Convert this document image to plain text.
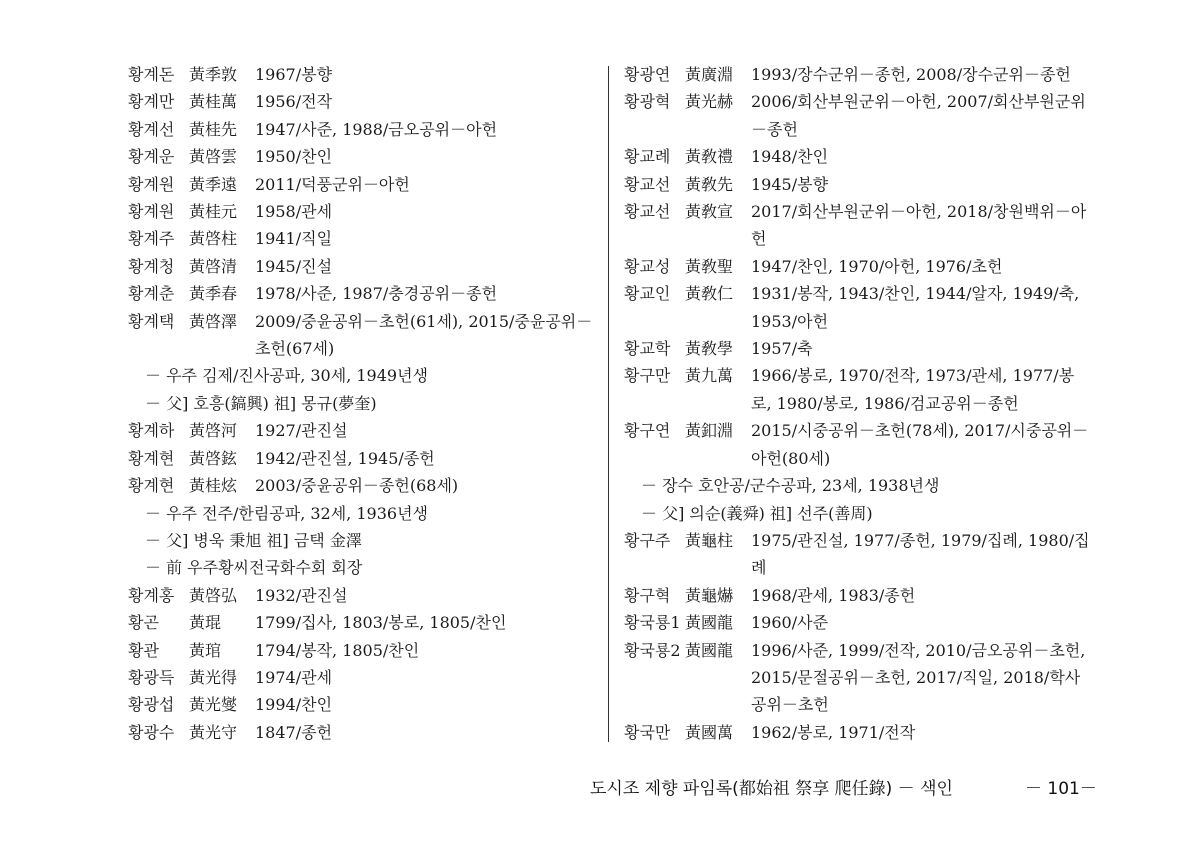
황계돈 黃季敦	1967/봉향
황계만 黃桂萬	1956/전작
황계선 黃桂先	1947/사준, 1988/금오공위－아헌
황계운 黃啓雲	1950/찬인
황계원 黃季遠	2011/덕풍군위－아헌
황계원 黃桂元	1958/관세
황계주 黃啓柱	1941/직일
황계청 黃啓清	1945/진설
황계춘 黃季春	1978/사준, 1987/충경공위－종헌
황계택 黃啓澤	2009/중윤공위－초헌(61세), 2015/중윤공위－초헌(67세)
－ 우주 김제/진사공파, 30세, 1949년생
－ 父] 호흥(鎬興) 祖] 몽규(夢奎)
황계하 黃啓河	1927/관진설
황계현 黃啓鉉	1942/관진설, 1945/종헌
황계현 黃桂炫	2003/중윤공위－종헌(68세)
－ 우주 전주/한림공파, 32세, 1936년생
－ 父] 병욱 秉旭 祖] 금택 金澤
－ 前 우주황씨전국화수회 회장
황계홍 黃啓弘	1932/관진설
황곤	黃琨	1799/집사, 1803/봉로, 1805/찬인
황관	黃琯	1794/봉작, 1805/찬인
황광득 黃光得	1974/관세
황광섭 黃光燮	1994/찬인
황광수 黃光守	1847/종헌
황광연 黃廣淵	1993/장수군위－종헌, 2008/장수군위－종헌
황광혁 黃光赫	2006/회산부원군위－아헌, 2007/회산부원군위－종헌
황교례 黃敎禮	1948/찬인
황교선 黃敎先	1945/봉향
황교선 黃敎宣	2017/회산부원군위－아헌, 2018/창원백위－아헌
황교성 黃敎聖	1947/찬인, 1970/아헌, 1976/초헌
황교인 黃敎仁	1931/봉작, 1943/찬인, 1944/알자, 1949/축, 1953/아헌
황교학 黃敎學	1957/축
황구만 黃九萬	1966/봉로, 1970/전작, 1973/관세, 1977/봉로, 1980/봉로, 1986/검교공위－종헌
황구연 黃釦淵	2015/시중공위－초헌(78세), 2017/시중공위－아헌(80세)
－ 장수 호안공/군수공파, 23세, 1938년생
－ 父] 의순(義舜) 祖] 선주(善周)
황구주 黃龜柱	1975/관진설, 1977/종헌, 1979/집례, 1980/집례
황구혁 黃龜爀	1968/관세, 1983/종헌
황국룡1 黃國龍	1960/사준
황국룡2 黃國龍	1996/사준, 1999/전작, 2010/금오공위－초헌, 2015/문절공위－초헌, 2017/직일, 2018/학사공위－초헌
황국만 黃國萬	1962/봉로, 1971/전작
도시조 제향 파임록(都始祖 祭享 爬任錄) － 색인	－ 101－
